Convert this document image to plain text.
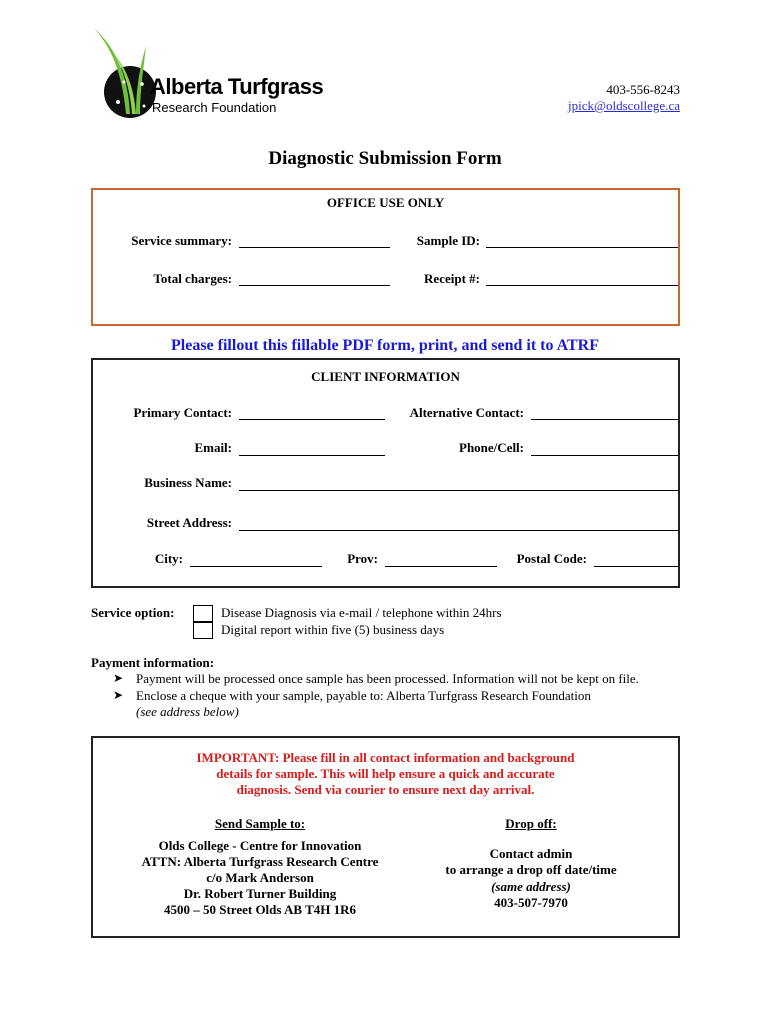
Alberta Turfgrass
Research Foundation
403-556-8243
jpick@oldscollege.ca
Diagnostic Submission Form
OFFICE USE ONLY
Service summary:	Sample ID:
Total charges:	Receipt #:
Please fillout this fillable PDF form, print, and send it to ATRF
CLIENT INFORMATION
Primary Contact:	Alternative Contact:
Email:	Phone/Cell:
Business Name:
Street Address:
City:	Prov:	Postal Code:
Service option:	Disease Diagnosis via e-mail / telephone within 24hrs
Digital report within five (5) business days
Payment information:
➤ Payment will be processed once sample has been processed. Information will not be kept on file.
➤ Enclose a cheque with your sample, payable to: Alberta Turfgrass Research Foundation
(see address below)
IMPORTANT: Please fill in all contact information and background
details for sample. This will help ensure a quick and accurate
diagnosis. Send via courier to ensure next day arrival.
Send Sample to:
Olds College - Centre for Innovation
ATTN: Alberta Turfgrass Research Centre
c/o Mark Anderson
Dr. Robert Turner Building
4500 – 50 Street Olds AB T4H 1R6
Drop off:
Contact admin
to arrange a drop off date/time
(same address)
403-507-7970
